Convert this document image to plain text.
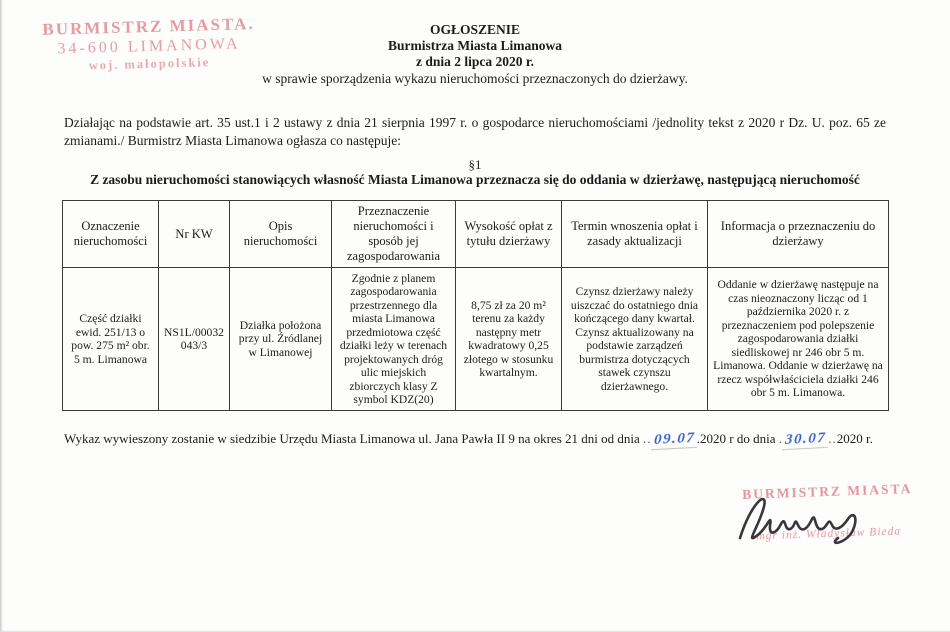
BURMISTRZ MIASTA.
34-600 LIMANOWA
woj. małopolskie
OGŁOSZENIE
Burmistrza Miasta Limanowa
z dnia 2 lipca 2020 r.
w sprawie sporządzenia wykazu nieruchomości przeznaczonych do dzierżawy.
Działając na podstawie art. 35 ust.1 i 2 ustawy z dnia 21 sierpnia 1997 r. o gospodarce nieruchomościami /jednolity tekst z 2020 r Dz. U. poz. 65 ze zmianami./ Burmistrz Miasta Limanowa ogłasza co następuje:
§1
Z zasobu nieruchomości stanowiących własność Miasta Limanowa przeznacza się do oddania w dzierżawę, następującą nieruchomość
Oznaczenie nieruchomości	Nr KW	Opis nieruchomości	Przeznaczenie nieruchomości i sposób jej zagospodarowania	Wysokość opłat z tytułu dzierżawy	Termin wnoszenia opłat i zasady aktualizacji	Informacja o przeznaczeniu do dzierżawy
Część działki ewid. 251/13 o pow. 275 m² obr. 5 m. Limanowa	NS1L/00032 043/3	Działka położona przy ul. Źródlanej w Limanowej	Zgodnie z planem zagospodarowania przestrzennego dla miasta Limanowa przedmiotowa część działki leży w terenach projektowanych dróg ulic miejskich zbiorczych klasy Z symbol KDZ(20)	8,75 zł za 20 m² terenu za każdy następny metr kwadratowy 0,25 złotego w stosunku kwartalnym.	Czynsz dzierżawy należy uiszczać do ostatniego dnia kończącego dany kwartał. Czynsz aktualizowany na podstawie zarządzeń burmistrza dotyczących stawek czynszu dzierżawnego.	Oddanie w dzierżawę następuje na czas nieoznaczony licząc od 1 października 2020 r. z przeznaczeniem pod polepszenie zagospodarowania działki siedliskowej nr 246 obr 5 m. Limanowa. Oddanie w dzierżawę na rzecz współwłaściciela działki 246 obr 5 m. Limanowa.
Wykaz wywieszony zostanie w siedzibie Urzędu Miasta Limanowa ul. Jana Pawła II 9 na okres 21 dni od dnia .. 09.07 .2020 r do dnia . 30.07 ..2020 r.
BURMISTRZ MIASTA
mgr inż. Władysław Bieda
